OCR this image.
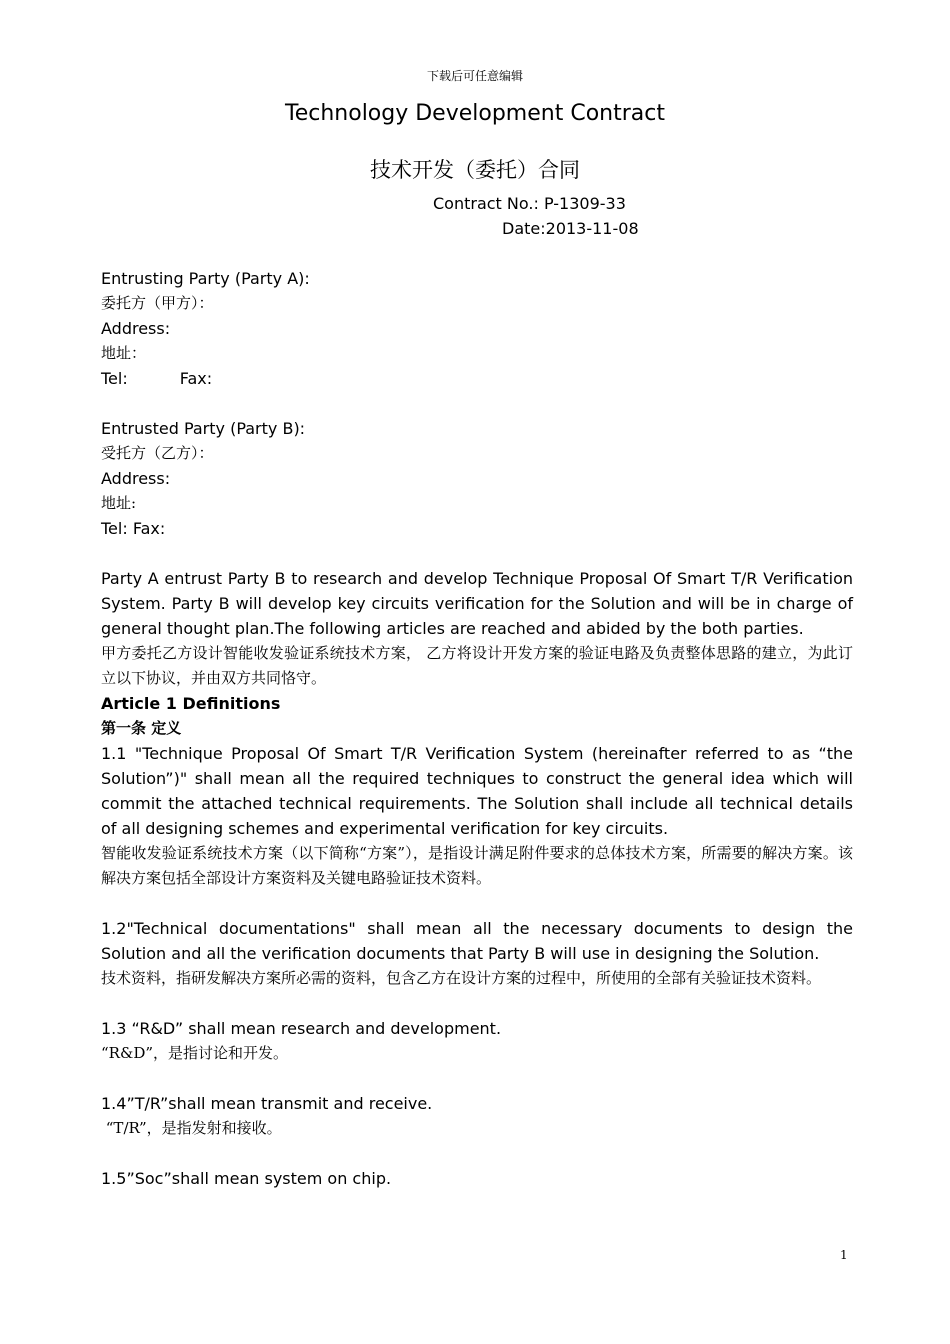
下载后可任意编辑
Technology Development Contract
技术开发（委托）合同
Contract No.: P-1309-33
Date:2013-11-08
Entrusting Party (Party A):
委托方（甲方）：
Address:
地址：
Tel:	Fax:
Entrusted Party (Party B):
受托方（乙方）：
Address:
地址:
Tel: Fax:
Party A entrust Party B to research and develop Technique Proposal Of Smart T/R Verification System. Party B will develop key circuits verification for the Solution and will be in charge of general thought plan.The following articles are reached and abided by the both parties.
甲方委托乙方设计智能收发验证系统技术方案， 乙方将设计开发方案的验证电路及负责整体思路的建立，为此订立以下协议，并由双方共同恪守。
Article 1 Definitions
第一条 定义
1.1 "Technique Proposal Of Smart T/R Verification System (hereinafter referred to as “the Solution”)" shall mean all the required techniques to construct the general idea which will commit the attached technical requirements. The Solution shall include all technical details of all designing schemes and experimental verification for key circuits.
智能收发验证系统技术方案（以下简称“方案”），是指设计满足附件要求的总体技术方案，所需要的解决方案。该解决方案包括全部设计方案资料及关键电路验证技术资料。
1.2"Technical documentations" shall mean all the necessary documents to design the Solution and all the verification documents that Party B will use in designing the Solution.
技术资料，指研发解决方案所必需的资料，包含乙方在设计方案的过程中，所使用的全部有关验证技术资料。
1.3 “R&D” shall mean research and development.
“R&D”，是指讨论和开发。
1.4”T/R”shall mean transmit and receive.
“T/R”，是指发射和接收。
1.5”Soc”shall mean system on chip.
1
